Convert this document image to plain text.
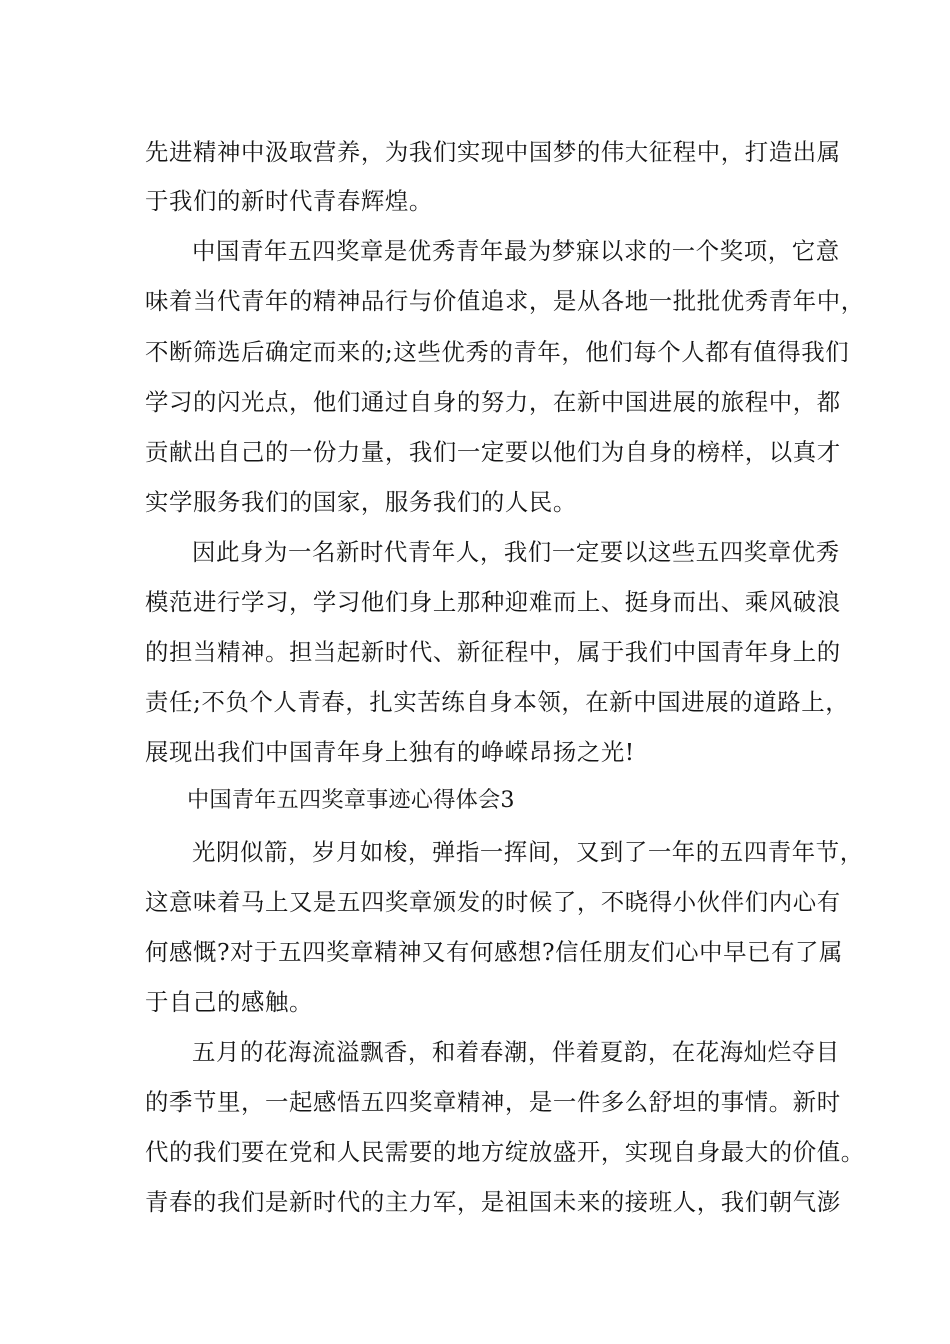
先进精神中汲取营养，为我们实现中国梦的伟大征程中，打造出属
于我们的新时代青春辉煌。
中国青年五四奖章是优秀青年最为梦寐以求的一个奖项，它意
味着当代青年的精神品行与价值追求，是从各地一批批优秀青年中，
不断筛选后确定而来的;这些优秀的青年，他们每个人都有值得我们
学习的闪光点，他们通过自身的努力，在新中国进展的旅程中，都
贡献出自己的一份力量，我们一定要以他们为自身的榜样，以真才
实学服务我们的国家，服务我们的人民。
因此身为一名新时代青年人，我们一定要以这些五四奖章优秀
模范进行学习，学习他们身上那种迎难而上、挺身而出、乘风破浪
的担当精神。担当起新时代、新征程中，属于我们中国青年身上的
责任;不负个人青春，扎实苦练自身本领，在新中国进展的道路上，
展现出我们中国青年身上独有的峥嵘昂扬之光!
中国青年五四奖章事迹心得体会3
光阴似箭，岁月如梭，弹指一挥间，又到了一年的五四青年节，
这意味着马上又是五四奖章颁发的时候了，不晓得小伙伴们内心有
何感慨?对于五四奖章精神又有何感想?信任朋友们心中早已有了属
于自己的感触。
五月的花海流溢飘香，和着春潮，伴着夏韵，在花海灿烂夺目
的季节里，一起感悟五四奖章精神，是一件多么舒坦的事情。新时
代的我们要在党和人民需要的地方绽放盛开，实现自身最大的价值。
青春的我们是新时代的主力军，是祖国未来的接班人，我们朝气澎
